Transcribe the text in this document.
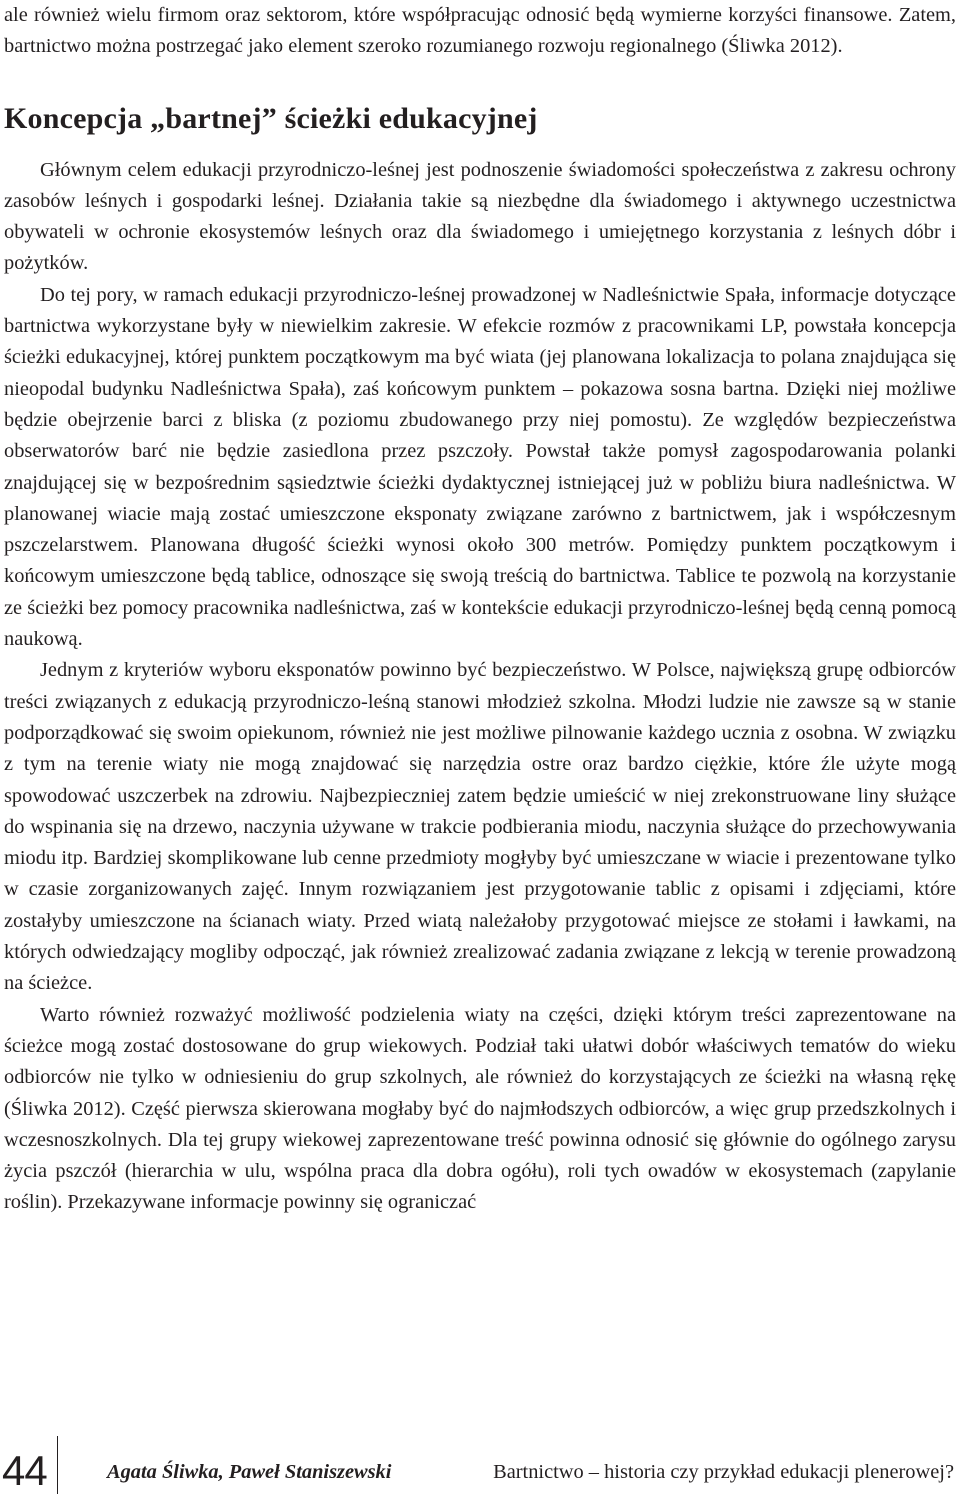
ale również wielu firmom oraz sektorom, które współpracując odnosić będą wymierne korzyści finansowe. Zatem, bartnictwo można postrzegać jako element szeroko rozumianego rozwoju regionalnego (Śliwka 2012).

Koncepcja „bartnej” ścieżki edukacyjnej

Głównym celem edukacji przyrodniczo-leśnej jest podnoszenie świadomości społeczeństwa z zakresu ochrony zasobów leśnych i gospodarki leśnej. Działania takie są niezbędne dla świadomego i aktywnego uczestnictwa obywateli w ochronie ekosystemów leśnych oraz dla świadomego i umiejętnego korzystania z leśnych dóbr i pożytków.

Do tej pory, w ramach edukacji przyrodniczo-leśnej prowadzonej w Nadleśnictwie Spała, informacje dotyczące bartnictwa wykorzystane były w niewielkim zakresie. W efekcie rozmów z pracownikami LP, powstała koncepcja ścieżki edukacyjnej, której punktem początkowym ma być wiata (jej planowana lokalizacja to polana znajdująca się nieopodal budynku Nadleśnictwa Spała), zaś końcowym punktem – pokazowa sosna bartna. Dzięki niej możliwe będzie obejrzenie barci z bliska (z poziomu zbudowanego przy niej pomostu). Ze względów bezpieczeństwa obserwatorów barć nie będzie zasiedlona przez pszczoły. Powstał także pomysł zagospodarowania polanki znajdującej się w bezpośrednim sąsiedztwie ścieżki dydaktycznej istniejącej już w pobliżu biura nadleśnictwa. W planowanej wiacie mają zostać umieszczone eksponaty związane zarówno z bartnictwem, jak i współczesnym pszczelarstwem. Planowana długość ścieżki wynosi około 300 metrów. Pomiędzy punktem początkowym i końcowym umieszczone będą tablice, odnoszące się swoją treścią do bartnictwa. Tablice te pozwolą na korzystanie ze ścieżki bez pomocy pracownika nadleśnictwa, zaś w kontekście edukacji przyrodniczo-leśnej będą cenną pomocą naukową.

Jednym z kryteriów wyboru eksponatów powinno być bezpieczeństwo. W Polsce, największą grupę odbiorców treści związanych z edukacją przyrodniczo-leśną stanowi młodzież szkolna. Młodzi ludzie nie zawsze są w stanie podporządkować się swoim opiekunom, również nie jest możliwe pilnowanie każdego ucznia z osobna. W związku z tym na terenie wiaty nie mogą znajdować się narzędzia ostre oraz bardzo ciężkie, które źle użyte mogą spowodować uszczerbek na zdrowiu. Najbezpieczniej zatem będzie umieścić w niej zrekonstruowane liny służące do wspinania się na drzewo, naczynia używane w trakcie podbierania miodu, naczynia służące do przechowywania miodu itp. Bardziej skomplikowane lub cenne przedmioty mogłyby być umieszczane w wiacie i prezentowane tylko w czasie zorganizowanych zajęć. Innym rozwiązaniem jest przygotowanie tablic z opisami i zdjęciami, które zostałyby umieszczone na ścianach wiaty. Przed wiatą należałoby przygotować miejsce ze stołami i ławkami, na których odwiedzający mogliby odpocząć, jak również zrealizować zadania związane z lekcją w terenie prowadzoną na ścieżce.

Warto również rozważyć możliwość podzielenia wiaty na części, dzięki którym treści zaprezentowane na ścieżce mogą zostać dostosowane do grup wiekowych. Podział taki ułatwi dobór właściwych tematów do wieku odbiorców nie tylko w odniesieniu do grup szkolnych, ale również do korzystających ze ścieżki na własną rękę (Śliwka 2012). Część pierwsza skierowana mogłaby być do najmłodszych odbiorców, a więc grup przedszkolnych i wczesnoszkolnych. Dla tej grupy wiekowej zaprezentowane treść powinna odnosić się głównie do ogólnego zarysu życia pszczół (hierarchia w ulu, wspólna praca dla dobra ogółu), roli tych owadów w ekosystemach (zapylanie roślin). Przekazywane informacje powinny się ograniczać

44	Agata Śliwka, Paweł Staniszewski	Bartnictwo – historia czy przykład edukacji plenerowej?
